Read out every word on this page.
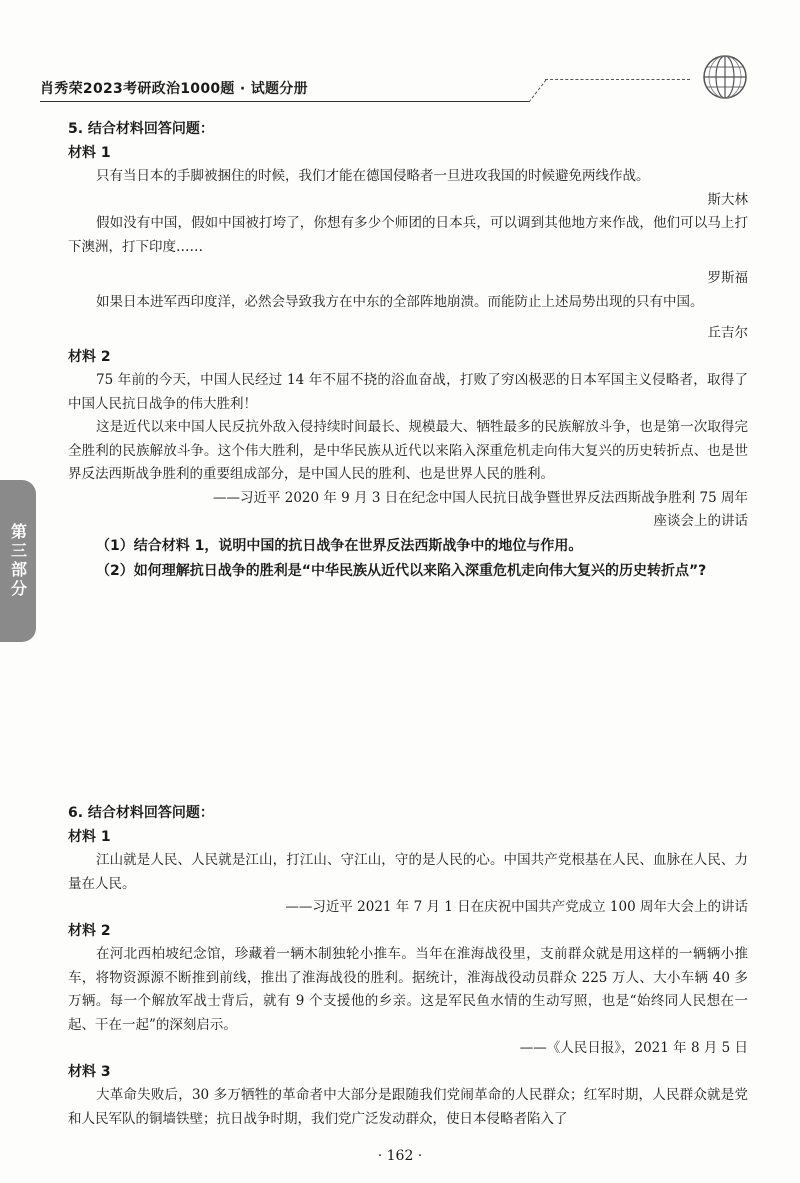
肖秀荣2023考研政治1000题 · 试题分册
第三部分

5. 结合材料回答问题：

材料 1

只有当日本的手脚被捆住的时候，我们才能在德国侵略者一旦进攻我国的时候避免两线作战。

斯大林

假如没有中国，假如中国被打垮了，你想有多少个师团的日本兵，可以调到其他地方来作战，他们可以马上打下澳洲，打下印度……

罗斯福

如果日本进军西印度洋，必然会导致我方在中东的全部阵地崩溃。而能防止上述局势出现的只有中国。

丘吉尔

材料 2

75 年前的今天，中国人民经过 14 年不屈不挠的浴血奋战，打败了穷凶极恶的日本军国主义侵略者，取得了中国人民抗日战争的伟大胜利！

这是近代以来中国人民反抗外敌入侵持续时间最长、规模最大、牺牲最多的民族解放斗争，也是第一次取得完全胜利的民族解放斗争。这个伟大胜利，是中华民族从近代以来陷入深重危机走向伟大复兴的历史转折点、也是世界反法西斯战争胜利的重要组成部分，是中国人民的胜利、也是世界人民的胜利。

——习近平 2020 年 9 月 3 日在纪念中国人民抗日战争暨世界反法西斯战争胜利 75 周年

座谈会上的讲话

（1）结合材料 1，说明中国的抗日战争在世界反法西斯战争中的地位与作用。

（2）如何理解抗日战争的胜利是“中华民族从近代以来陷入深重危机走向伟大复兴的历史转折点”?

6. 结合材料回答问题：

材料 1

江山就是人民、人民就是江山，打江山、守江山，守的是人民的心。中国共产党根基在人民、血脉在人民、力量在人民。

——习近平 2021 年 7 月 1 日在庆祝中国共产党成立 100 周年大会上的讲话

材料 2

在河北西柏坡纪念馆，珍藏着一辆木制独轮小推车。当年在淮海战役里，支前群众就是用这样的一辆辆小推车，将物资源源不断推到前线，推出了淮海战役的胜利。据统计，淮海战役动员群众 225 万人、大小车辆 40 多万辆。每一个解放军战士背后，就有 9 个支援他的乡亲。这是军民鱼水情的生动写照，也是“始终同人民想在一起、干在一起”的深刻启示。

——《人民日报》，2021 年 8 月 5 日

材料 3

大革命失败后，30 多万牺牲的革命者中大部分是跟随我们党闹革命的人民群众；红军时期，人民群众就是党和人民军队的铜墙铁壁；抗日战争时期，我们党广泛发动群众，使日本侵略者陷入了

· 162 ·
